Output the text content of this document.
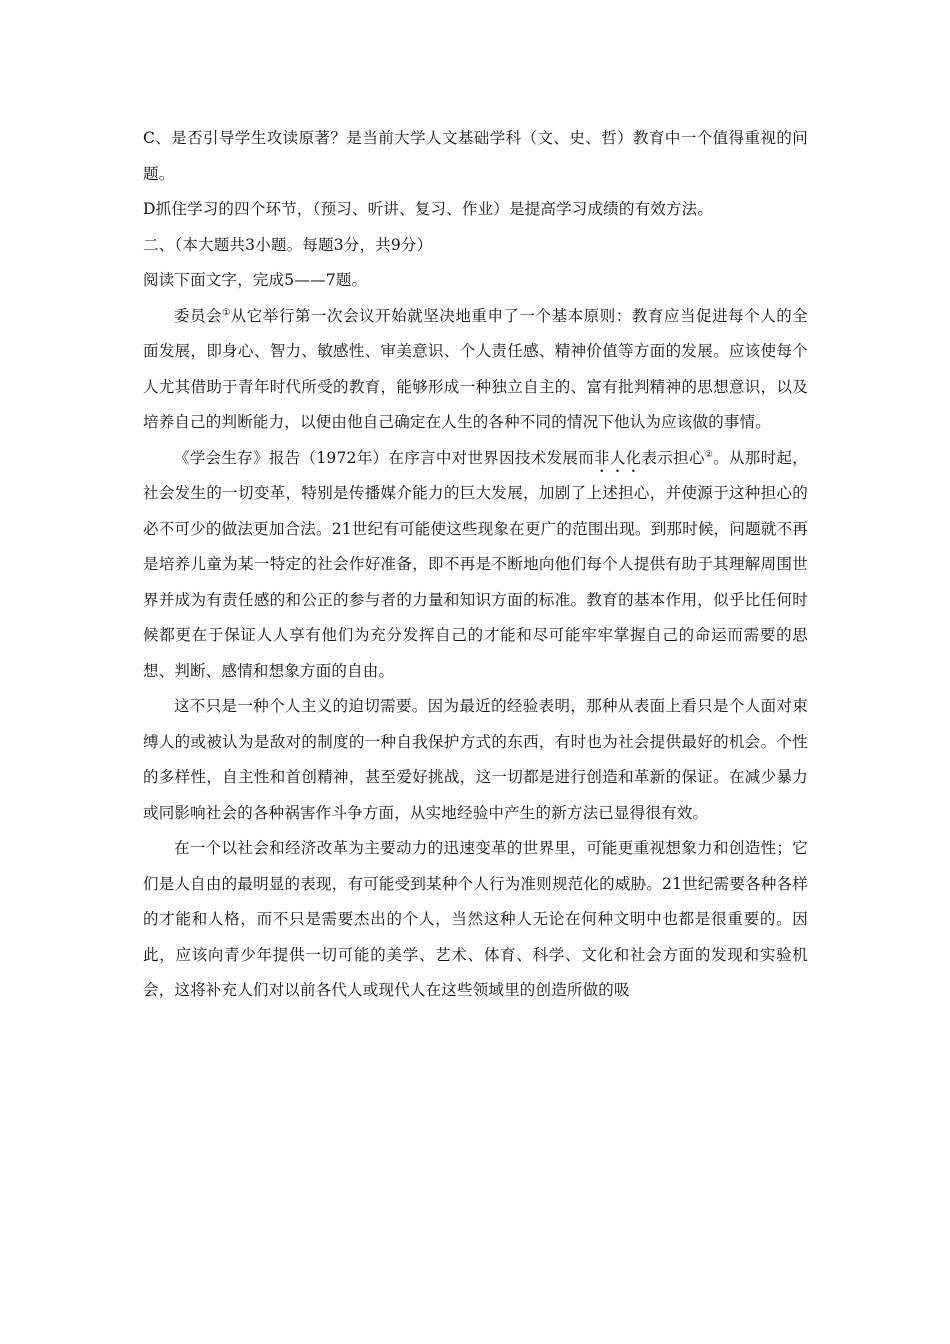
C、是否引导学生攻读原著？是当前大学人文基础学科（文、史、哲）教育中一个值得重视的问题。

D抓住学习的四个环节，（预习、听讲、复习、作业）是提高学习成绩的有效方法。

二、（本大题共3小题。每题3分，共9分）

阅读下面文字，完成5——7题。

委员会①从它举行第一次会议开始就坚决地重申了一个基本原则：教育应当促进每个人的全面发展，即身心、智力、敏感性、审美意识、个人责任感、精神价值等方面的发展。应该使每个人尤其借助于青年时代所受的教育，能够形成一种独立自主的、富有批判精神的思想意识，以及培养自己的判断能力，以便由他自己确定在人生的各种不同的情况下他认为应该做的事情。

《学会生存》报告（1972年）在序言中对世界因技术发展而非人化表示担心②。从那时起，社会发生的一切变革，特别是传播媒介能力的巨大发展，加剧了上述担心，并使源于这种担心的必不可少的做法更加合法。21世纪有可能使这些现象在更广的范围出现。到那时候，问题就不再是培养儿童为某一特定的社会作好准备，即不再是不断地向他们每个人提供有助于其理解周围世界并成为有责任感的和公正的参与者的力量和知识方面的标准。教育的基本作用，似乎比任何时候都更在于保证人人享有他们为充分发挥自己的才能和尽可能牢牢掌握自己的命运而需要的思想、判断、感情和想象方面的自由。

这不只是一种个人主义的迫切需要。因为最近的经验表明，那种从表面上看只是个人面对束缚人的或被认为是敌对的制度的一种自我保护方式的东西，有时也为社会提供最好的机会。个性的多样性，自主性和首创精神，甚至爱好挑战，这一切都是进行创造和革新的保证。在减少暴力或同影响社会的各种祸害作斗争方面，从实地经验中产生的新方法已显得很有效。

在一个以社会和经济改革为主要动力的迅速变革的世界里，可能更重视想象力和创造性；它们是人自由的最明显的表现，有可能受到某种个人行为准则规范化的威胁。21世纪需要各种各样的才能和人格，而不只是需要杰出的个人，当然这种人无论在何种文明中也都是很重要的。因此，应该向青少年提供一切可能的美学、艺术、体育、科学、文化和社会方面的发现和实验机会，这将补充人们对以前各代人或现代人在这些领域里的创造所做的吸
